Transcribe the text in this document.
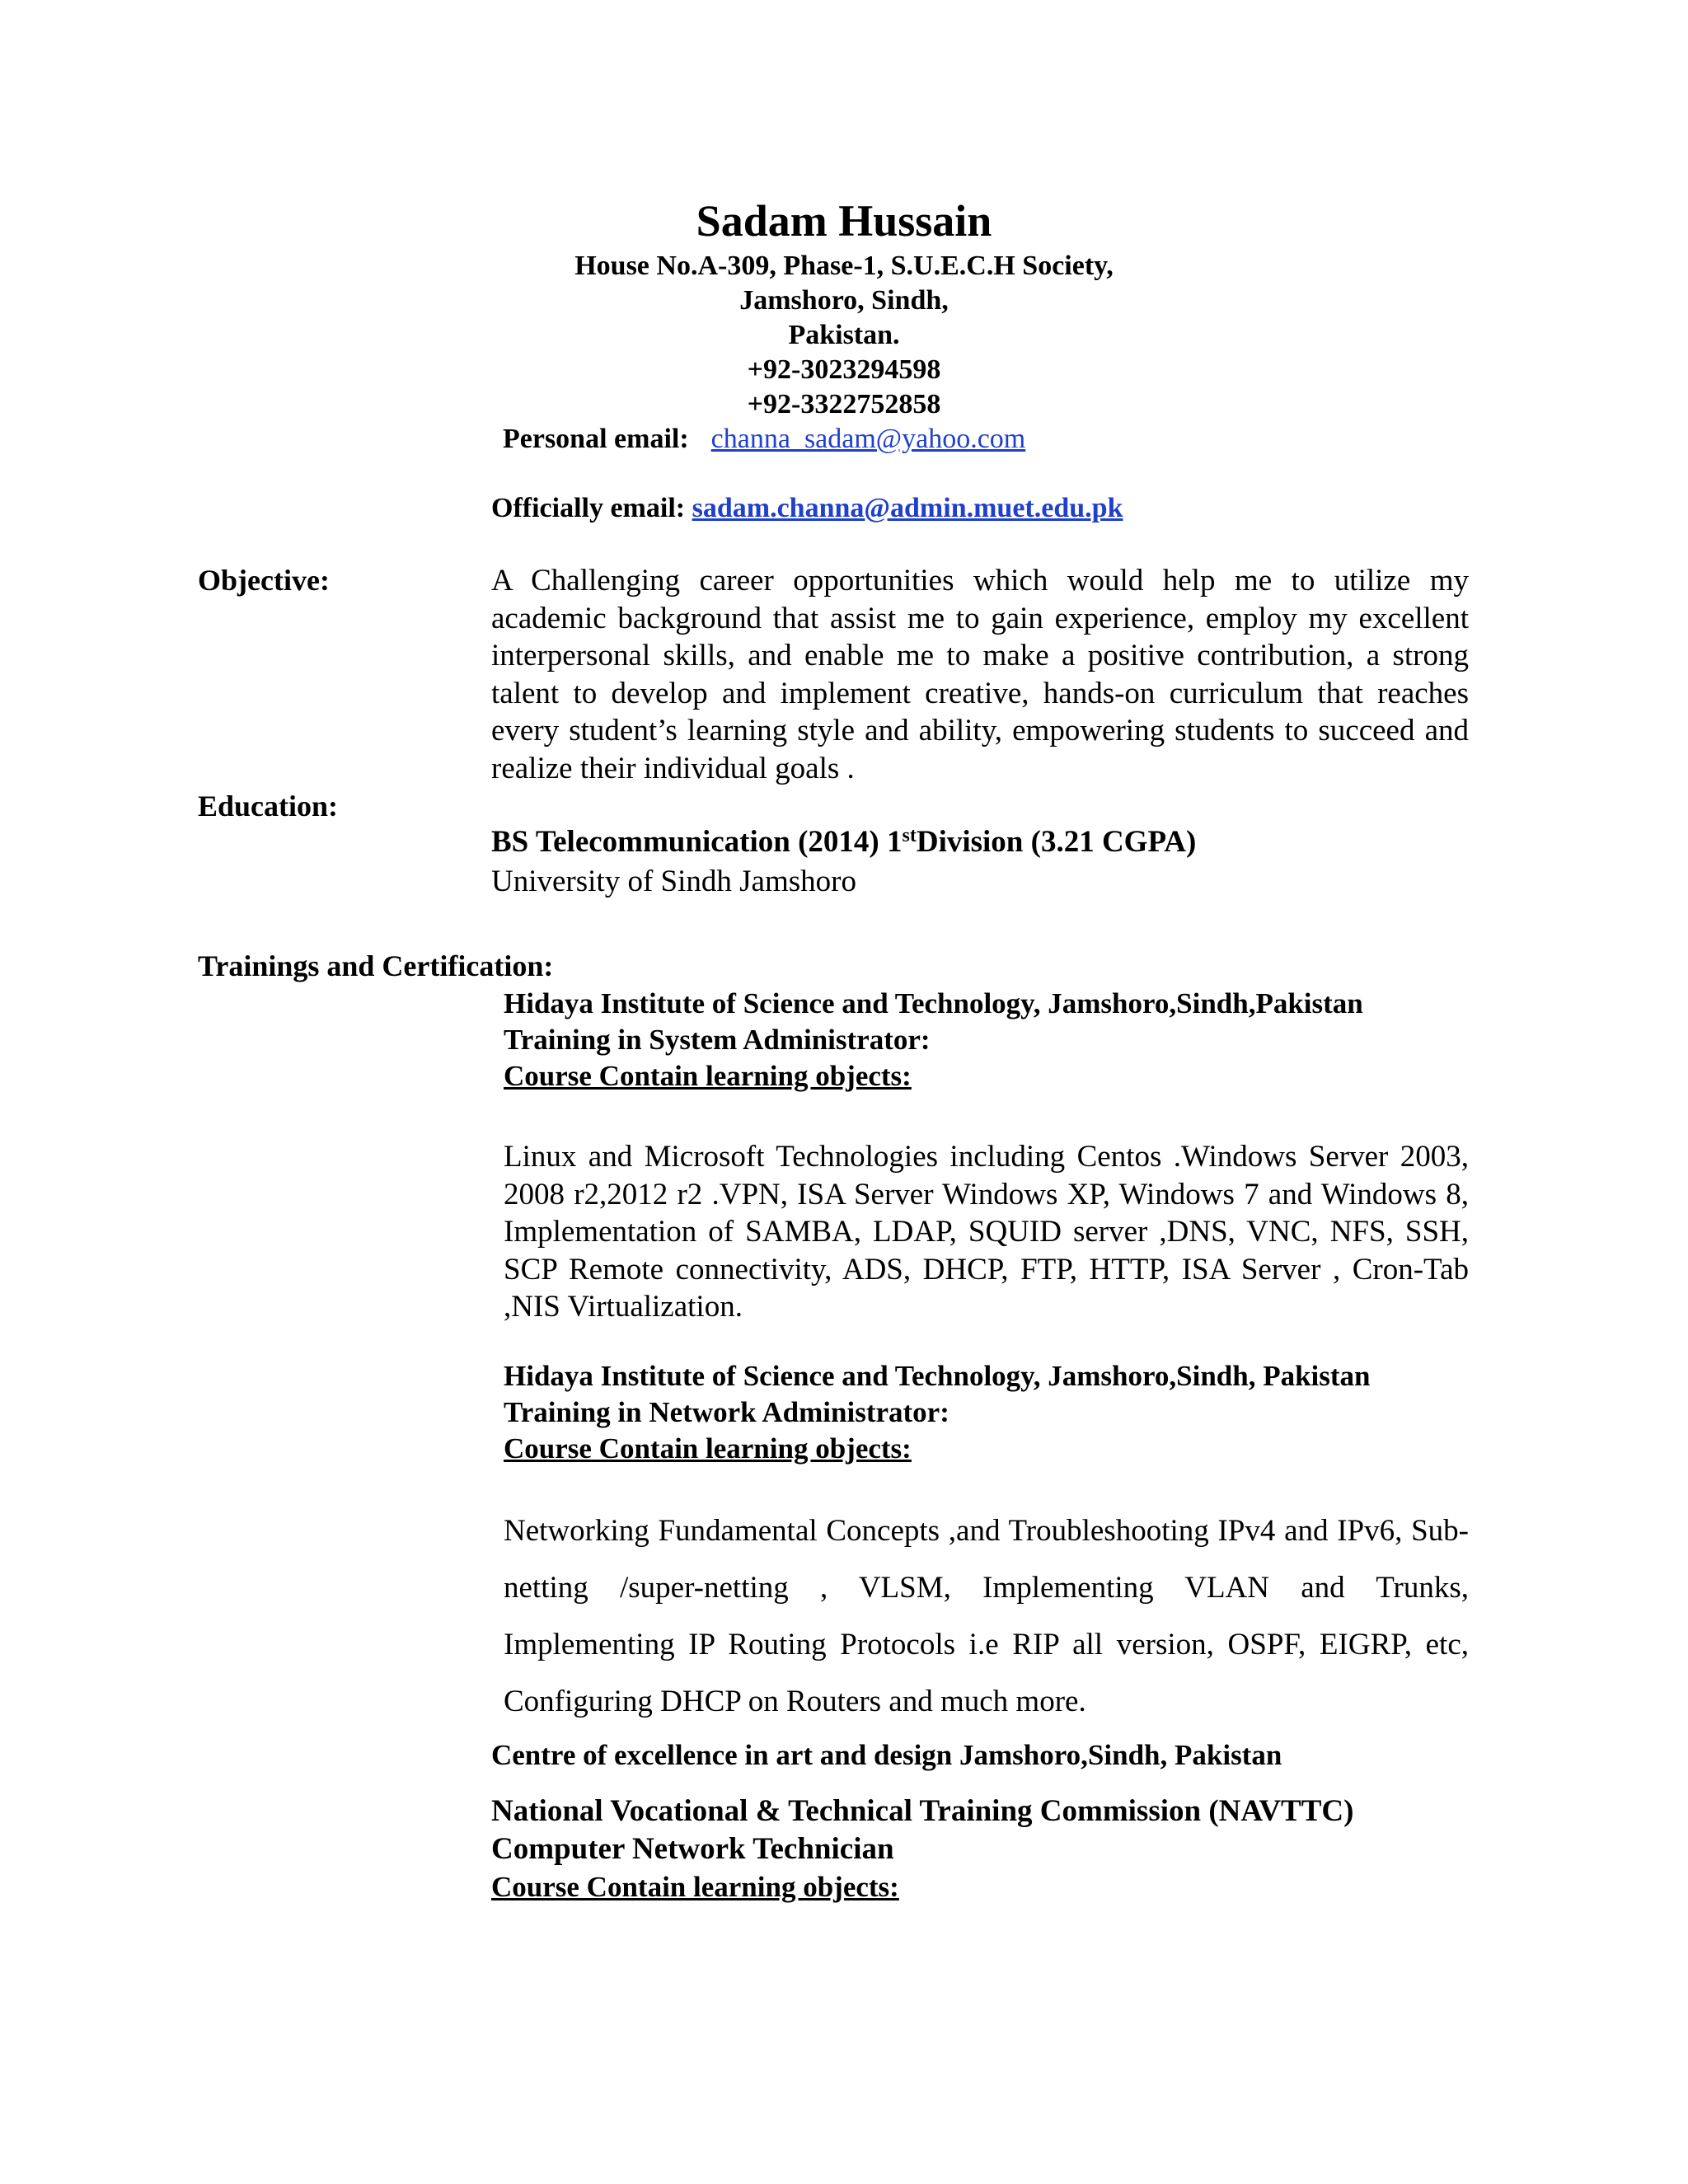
Sadam Hussain
House No.A-309, Phase-1, S.U.E.C.H Society,
Jamshoro, Sindh,
Pakistan.
+92-3023294598
+92-3322752858
Personal email: channa_sadam@yahoo.com
Officially email: sadam.channa@admin.muet.edu.pk
Objective:	A Challenging career opportunities which would help me to utilize my academic background that assist me to gain experience, employ my excellent interpersonal skills, and enable me to make a positive contribution, a strong talent to develop and implement creative, hands-on curriculum that reaches every student’s learning style and ability, empowering students to succeed and realize their individual goals .
Education:
BS Telecommunication (2014) 1stDivision (3.21 CGPA)
University of Sindh Jamshoro
Trainings and Certification:
Hidaya Institute of Science and Technology, Jamshoro,Sindh,Pakistan
Training in System Administrator:
Course Contain learning objects:
Linux and Microsoft Technologies including Centos .Windows Server 2003, 2008 r2,2012 r2 .VPN, ISA Server Windows XP, Windows 7 and Windows 8, Implementation of SAMBA, LDAP, SQUID server ,DNS, VNC, NFS, SSH, SCP Remote connectivity, ADS, DHCP, FTP, HTTP, ISA Server , Cron-Tab ,NIS Virtualization.
Hidaya Institute of Science and Technology, Jamshoro,Sindh, Pakistan
Training in Network Administrator:
Course Contain learning objects:
Networking Fundamental Concepts ,and Troubleshooting IPv4 and IPv6, Sub-netting /super-netting , VLSM, Implementing VLAN and Trunks, Implementing IP Routing Protocols i.e RIP all version, OSPF, EIGRP, etc, Configuring DHCP on Routers and much more.
Centre of excellence in art and design Jamshoro,Sindh, Pakistan
National Vocational & Technical Training Commission (NAVTTC)
Computer Network Technician
Course Contain learning objects:
